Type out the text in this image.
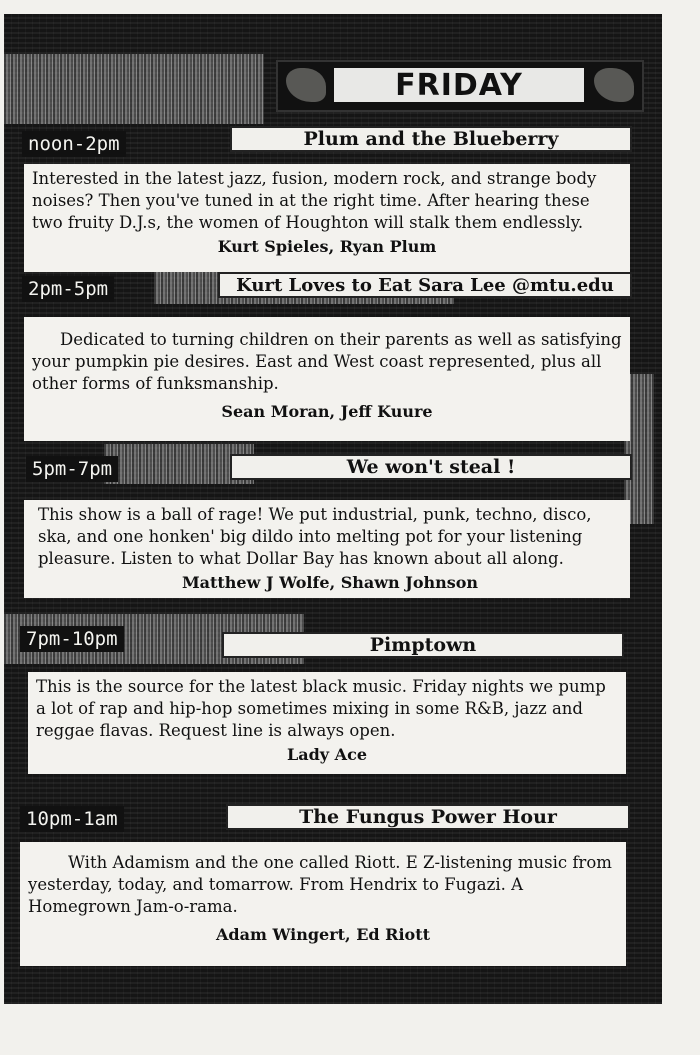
FRIDAY
noon-2pm	Plum and the Blueberry

Interested in the latest jazz, fusion, modern rock, and strange body noises? Then you've tuned in at the right time. After hearing these two fruity D.J.s, the women of Houghton will stalk them endlessly.

Kurt Spieles, Ryan Plum
2pm-5pm	Kurt Loves to Eat Sara Lee @mtu.edu

Dedicated to turning children on their parents as well as satisfying your pumpkin pie desires. East and West coast represented, plus all other forms of funksmanship.

Sean Moran, Jeff Kuure
5pm-7pm	We won't steal !

This show is a ball of rage! We put industrial, punk, techno, disco, ska, and one honken' big dildo into melting pot for your listening pleasure. Listen to what Dollar Bay has known about all along.

Matthew J Wolfe, Shawn Johnson
7pm-10pm	Pimptown

This is the source for the latest black music. Friday nights we pump a lot of rap and hip-hop sometimes mixing in some R&B, jazz and reggae flavas. Request line is always open.

Lady Ace
10pm-1am	The Fungus Power Hour

With Adamism and the one called Riott. E Z-listening music from yesterday, today, and tomarrow. From Hendrix to Fugazi. A Homegrown Jam-o-rama.

Adam Wingert, Ed Riott
